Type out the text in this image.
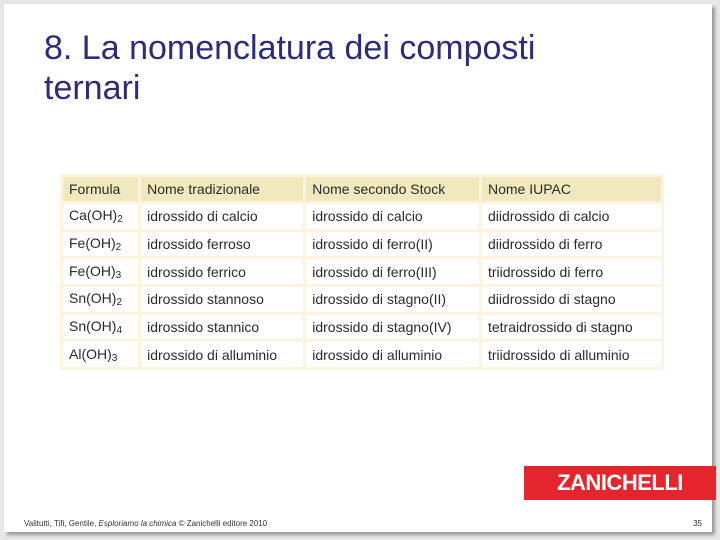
8. La nomenclatura dei composti
ternari
Formula	Nome tradizionale	Nome secondo Stock	Nome IUPAC
$Ca(OH)_2$	idrossido di calcio	idrossido di calcio	diidrossido di calcio
$Fe(OH)_2$	idrossido ferroso	idrossido di ferro(II)	diidrossido di ferro
$Fe(OH)_3$	idrossido ferrico	idrossido di ferro(III)	triidrossido di ferro
$Sn(OH)_2$	idrossido stannoso	idrossido di stagno(II)	diidrossido di stagno
$Sn(OH)_4$	idrossido stannico	idrossido di stagno(IV)	tetraidrossido di stagno
$Al(OH)_3$	idrossido di alluminio	idrossido di alluminio	triidrossido di alluminio
ZANICHELLI
Valitutti, Tifi, Gentile, Esploriamo la chimica © Zanichelli editore 2010	35
